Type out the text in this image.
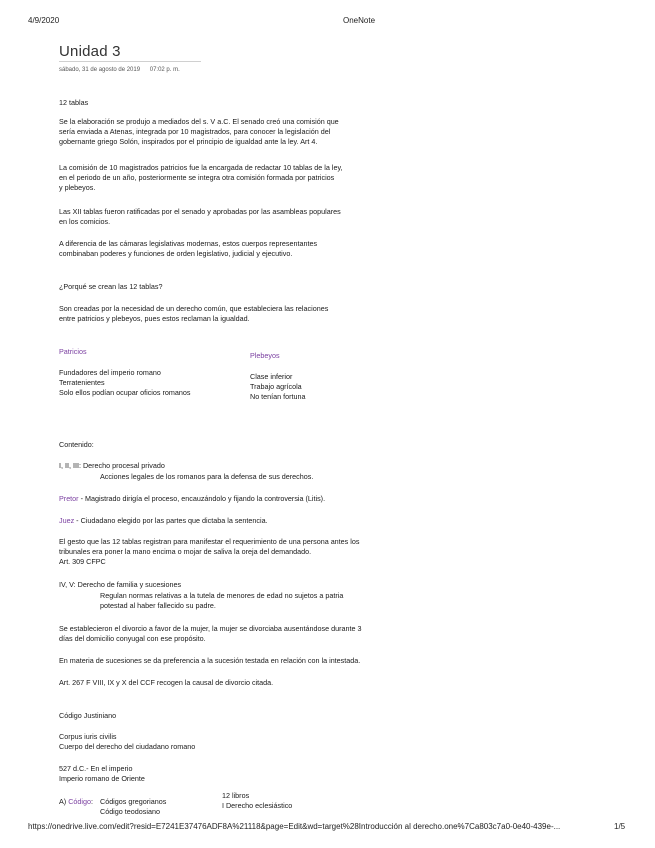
4/9/2020	OneNote
Unidad 3
sábado, 31 de agosto de 2019 07:02 p. m.
12 tablas
Se la elaboración se produjo a mediados del s. V a.C. El senado creó una comisión que
sería enviada a Atenas, integrada por 10 magistrados, para conocer la legislación del
gobernante griego Solón, inspirados por el principio de igualdad ante la ley. Art 4.
La comisión de 10 magistrados patricios fue la encargada de redactar 10 tablas de la ley,
en el periodo de un año, posteriormente se integra otra comisión formada por patricios
y plebeyos.
Las XII tablas fueron ratificadas por el senado y aprobadas por las asambleas populares
en los comicios.
A diferencia de las cámaras legislativas modernas, estos cuerpos representantes
combinaban poderes y funciones de orden legislativo, judicial y ejecutivo.
¿Porqué se crean las 12 tablas?
Son creadas por la necesidad de un derecho común, que estableciera las relaciones
entre patricios y plebeyos, pues estos reclaman la igualdad.
Patricios
Fundadores del imperio romano
Terratenientes
Solo ellos podían ocupar oficios romanos
Plebeyos
Clase inferior
Trabajo agrícola
No tenían fortuna
Contenido:
I, II, III: Derecho procesal privado
Acciones legales de los romanos para la defensa de sus derechos.
Pretor - Magistrado dirigía el proceso, encauzándolo y fijando la controversia (Litis).
Juez - Ciudadano elegido por las partes que dictaba la sentencia.
El gesto que las 12 tablas registran para manifestar el requerimiento de una persona antes los
tribunales era poner la mano encima o mojar de saliva la oreja del demandado.
Art. 309 CFPC
IV, V: Derecho de familia y sucesiones
Regulan normas relativas a la tutela de menores de edad no sujetos a patria
potestad al haber fallecido su padre.
Se establecieron el divorcio a favor de la mujer, la mujer se divorciaba ausentándose durante 3
días del domicilio conyugal con ese propósito.
En materia de sucesiones se da preferencia a la sucesión testada en relación con la intestada.
Art. 267 F VIII, IX y X del CCF recogen la causal de divorcio citada.
Código Justiniano
Corpus iuris civilis
Cuerpo del derecho del ciudadano romano
527 d.C.- En el imperio
Imperio romano de Oriente
A) Código: Códigos gregorianos
Código teodosiano
12 libros
I Derecho eclesiástico
https://onedrive.live.com/edit?resid=E7241E37476ADF8A%21118&page=Edit&wd=target%28Introducción al derecho.one%7Ca803c7a0-0e40-439e-...	1/5
